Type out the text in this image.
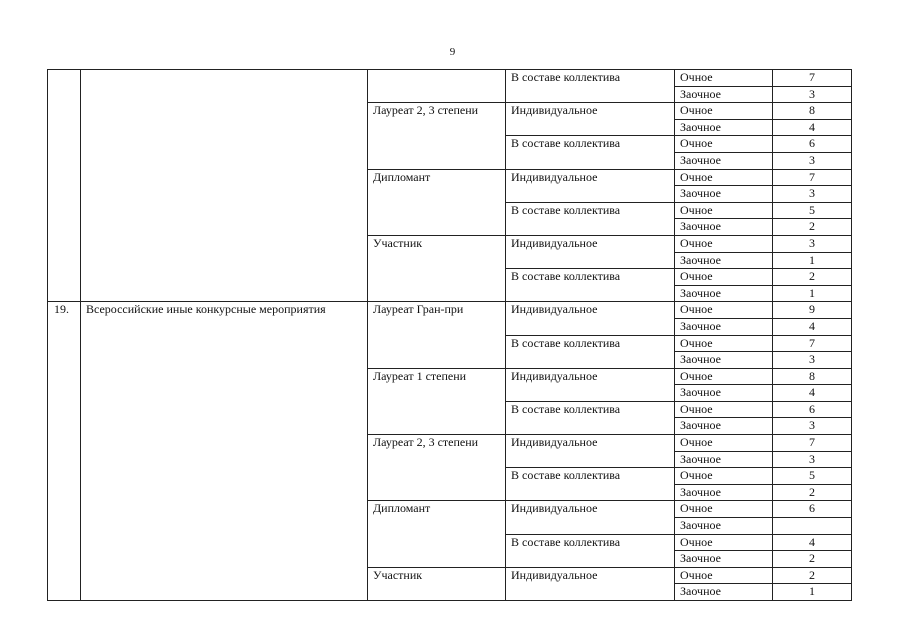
9
			В составе коллектива	Очное	7
				Заочное	3
		Лауреат 2, 3 степени	Индивидуальное	Очное	8
				Заочное	4
			В составе коллектива	Очное	6
				Заочное	3
		Дипломант	Индивидуальное	Очное	7
				Заочное	3
			В составе коллектива	Очное	5
				Заочное	2
		Участник	Индивидуальное	Очное	3
				Заочное	1
			В составе коллектива	Очное	2
				Заочное	1
19.	Всероссийские иные конкурсные мероприятия	Лауреат Гран-при	Индивидуальное	Очное	9
				Заочное	4
			В составе коллектива	Очное	7
				Заочное	3
		Лауреат 1 степени	Индивидуальное	Очное	8
				Заочное	4
			В составе коллектива	Очное	6
				Заочное	3
		Лауреат 2, 3 степени	Индивидуальное	Очное	7
				Заочное	3
			В составе коллектива	Очное	5
				Заочное	2
		Дипломант	Индивидуальное	Очное	6
				Заочное	
			В составе коллектива	Очное	4
				Заочное	2
		Участник	Индивидуальное	Очное	2
				Заочное	1
